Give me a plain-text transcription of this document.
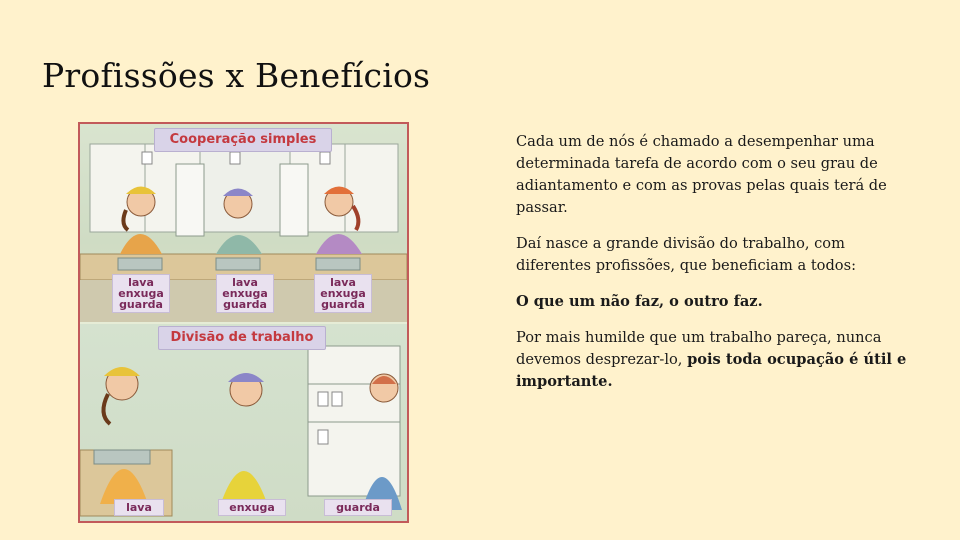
Profissões x Benefícios
Cooperação simples
lava
enxuga
guarda
lava
enxuga
guarda
lava
enxuga
guarda
Divisão de trabalho
lava	enxuga	guarda

Cada um de nós é chamado a desempenhar uma determinada tarefa de acordo com o seu grau de adiantamento e com as provas pelas quais terá de passar.

Daí nasce a grande divisão do trabalho, com diferentes profissões, que beneficiam a todos:

O que um não faz, o outro faz.

Por mais humilde que um trabalho pareça, nunca devemos desprezar-lo, pois toda ocupação é útil e importante.
